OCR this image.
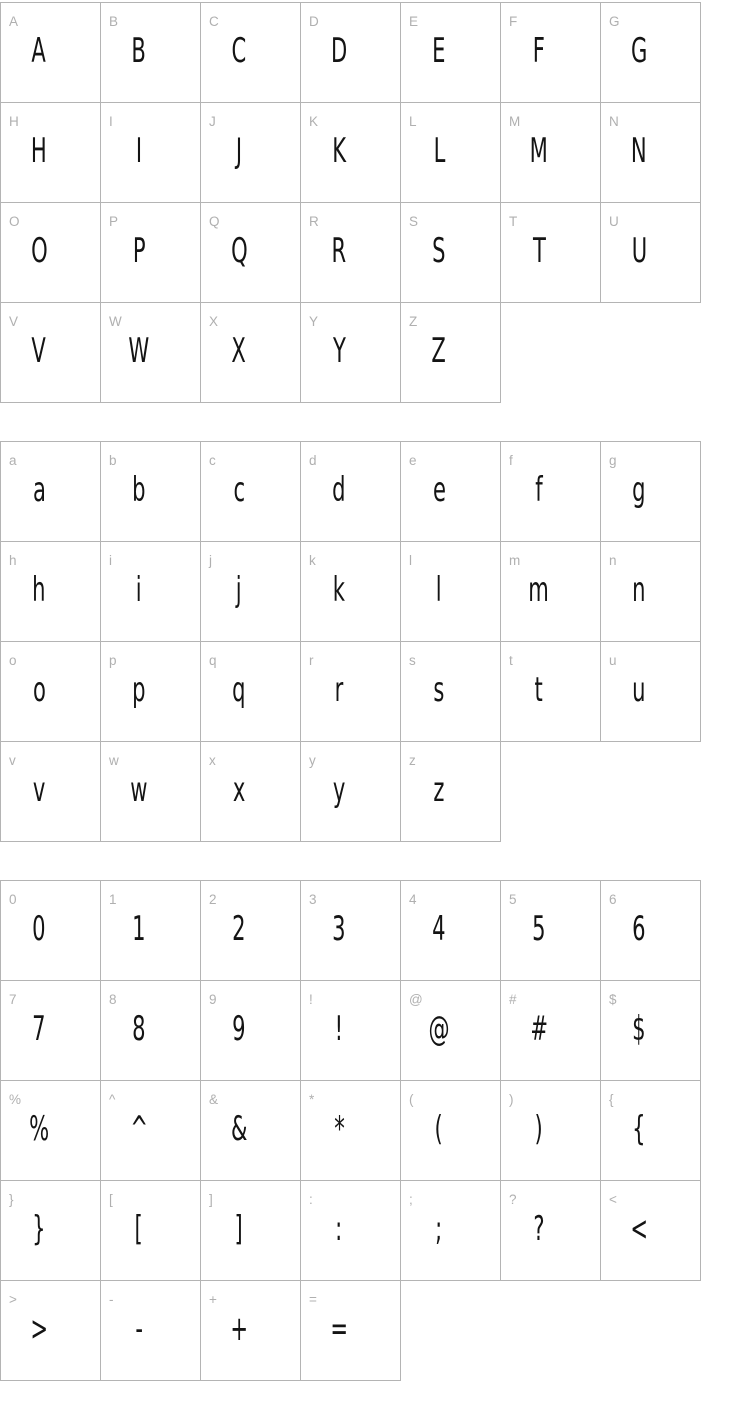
A
A
B
B
C
C
D
D
E
E
F
F
G
G
H
H
I
I
J
J
K
K
L
L
M
M
N
N
O
O
P
P
Q
Q
R
R
S
S
T
T
U
U
V
V
W
W
X
X
Y
Y
Z
Z
a
a
b
b
c
c
d
d
e
e
f
f
g
g
h
h
i
i
j
j
k
k
l
l
m
m
n
n
o
o
p
p
q
q
r
r
s
s
t
t
u
u
v
v
w
w
x
x
y
y
z
z
0
0
1
1
2
2
3
3
4
4
5
5
6
6
7
7
8
8
9
9
!
!
@
@
#
#
$
$
%
%
^
^
&
&
*
*
(
(
)
)
{
{
}
}
[
[
]
]
:
:
;
;
?
?
<
<
>
>
-
-
+
+
=
=
